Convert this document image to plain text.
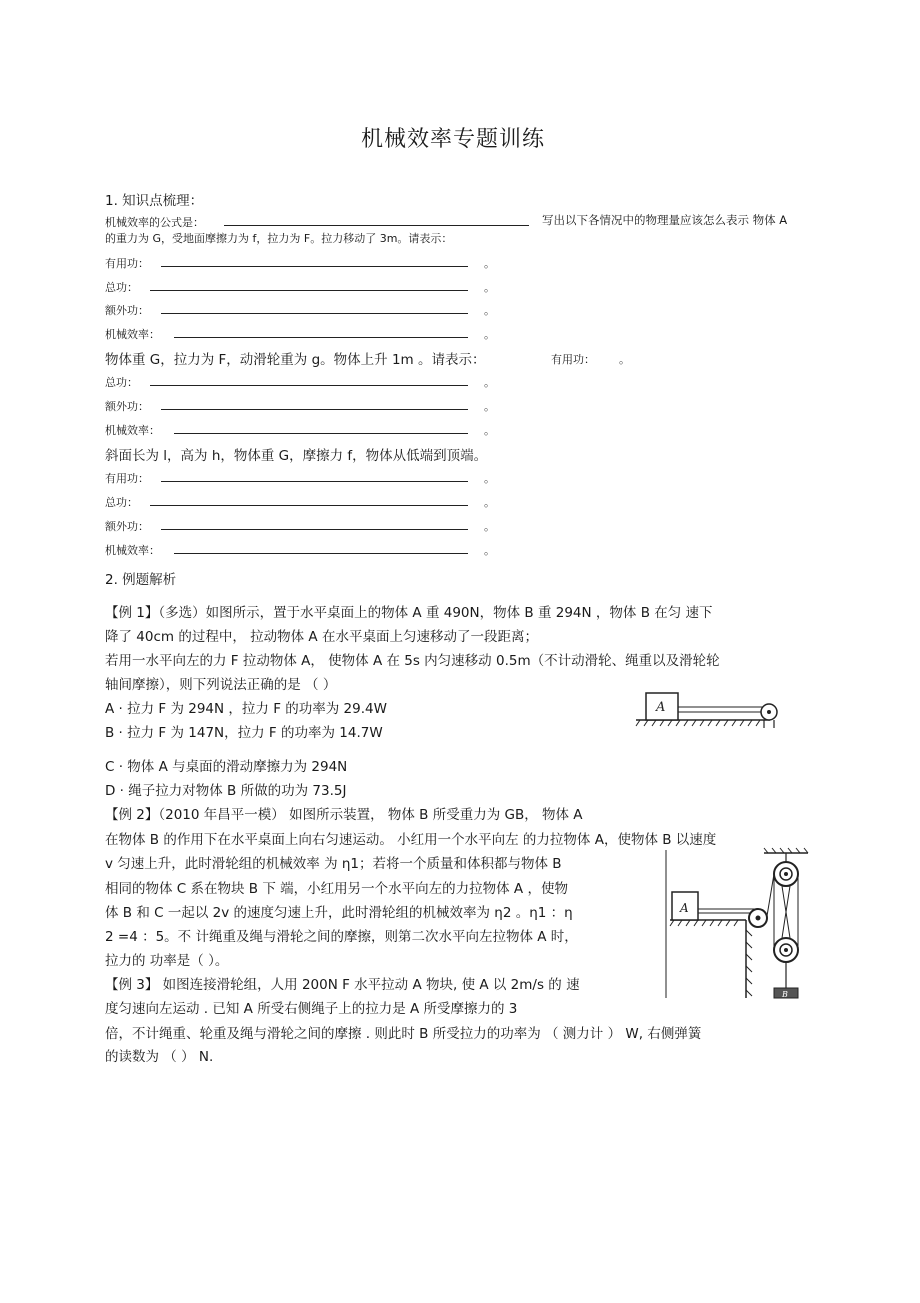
机械效率专题训练
1. 知识点梳理：
机械效率的公式是：	写出以下各情况中的物理量应该怎么表示 物体 A
的重力为 G，受地面摩擦力为 f，拉力为 F。拉力移动了 3m。请表示：
有用功：	。
总功：	。
额外功：	。
机械效率：	。
物体重 G，拉力为 F，动滑轮重为 g。物体上升 1m 。请表示：	有用功： 。
总功：	。
额外功：	。
机械效率：	。
斜面长为 l，高为 h，物体重 G，摩擦力 f，物体从低端到顶端。
有用功：	。
总功：	。
额外功：	。
机械效率：	。
2. 例题解析
【例 1】（多选）如图所示，置于水平桌面上的物体 A 重 490N，物体 B 重 294N ，物体 B 在匀 速下
降了 40cm 的过程中， 拉动物体 A 在水平桌面上匀速移动了一段距离；
若用一水平向左的力 F 拉动物体 A， 使物体 A 在 5s 内匀速移动 0.5m（不计动滑轮、绳重以及滑轮轮
轴间摩擦），则下列说法正确的是 （ ）
A · 拉力 F 为 294N ，拉力 F 的功率为 29.4W
B · 拉力 F 为 147N，拉力 F 的功率为 14.7W
C · 物体 A 与桌面的滑动摩擦力为 294N
D · 绳子拉力对物体 B 所做的功为 73.5J
A
【例 2】（2010 年昌平一模） 如图所示装置， 物体 B 所受重力为 GB， 物体 A
在物体 B 的作用下在水平桌面上向右匀速运动。 小红用一个水平向左 的力拉物体 A，使物体 B 以速度
v 匀速上升，此时滑轮组的机械效率 为 η1；若将一个质量和体积都与物体 B
相同的物体 C 系在物块 B 下 端，小红用另一个水平向左的力拉物体 A ，使物
体 B 和 C 一起以 2v 的速度匀速上升，此时滑轮组的机械效率为 η2 。η1 ：η
2 =4 ：5。不 计绳重及绳与滑轮之间的摩擦，则第二次水平向左拉物体 A 时，
拉力的 功率是（ ）。
A
B
【例 3】 如图连接滑轮组，人用 200N F 水平拉动 A 物块, 使 A 以 2m/s 的 速
度匀速向左运动 . 已知 A 所受右侧绳子上的拉力是 A 所受摩擦力的 3
倍，不计绳重、轮重及绳与滑轮之间的摩擦 . 则此时 B 所受拉力的功率为 （ 测力计 ） W, 右侧弹簧
的读数为 （ ） N.
